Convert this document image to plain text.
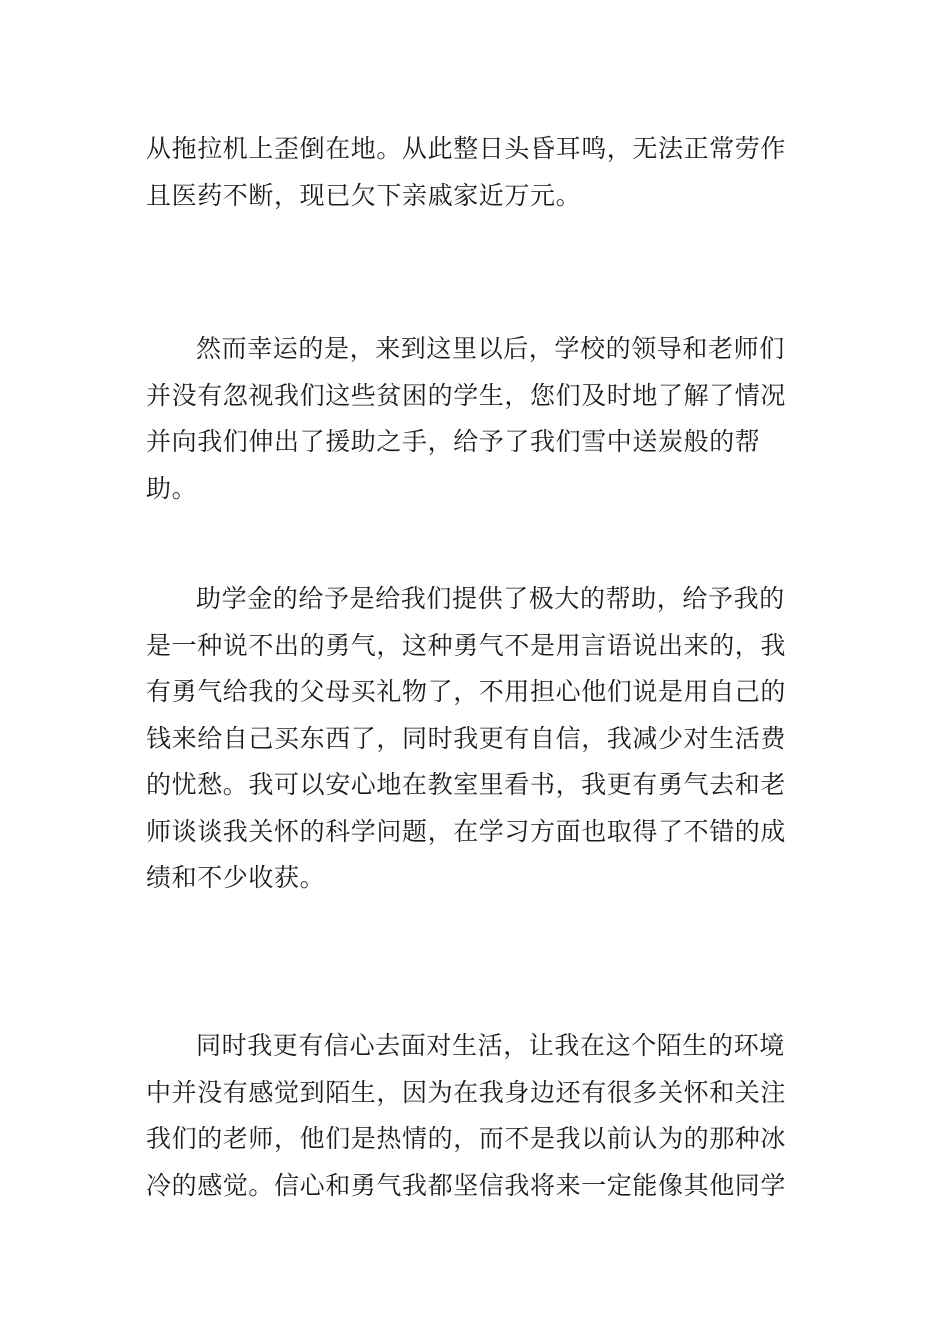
从拖拉机上歪倒在地。从此整日头昏耳鸣，无法正常劳作且医药不断，现已欠下亲戚家近万元。

然而幸运的是，来到这里以后，学校的领导和老师们并没有忽视我们这些贫困的学生，您们及时地了解了情况并向我们伸出了援助之手，给予了我们雪中送炭般的帮助。

助学金的给予是给我们提供了极大的帮助，给予我的是一种说不出的勇气，这种勇气不是用言语说出来的，我有勇气给我的父母买礼物了，不用担心他们说是用自己的钱来给自己买东西了，同时我更有自信，我减少对生活费的忧愁。我可以安心地在教室里看书，我更有勇气去和老师谈谈我关怀的科学问题，在学习方面也取得了不错的成绩和不少收获。

同时我更有信心去面对生活，让我在这个陌生的环境中并没有感觉到陌生，因为在我身边还有很多关怀和关注我们的老师，他们是热情的，而不是我以前认为的那种冰冷的感觉。信心和勇气我都坚信我将来一定能像其他同学
